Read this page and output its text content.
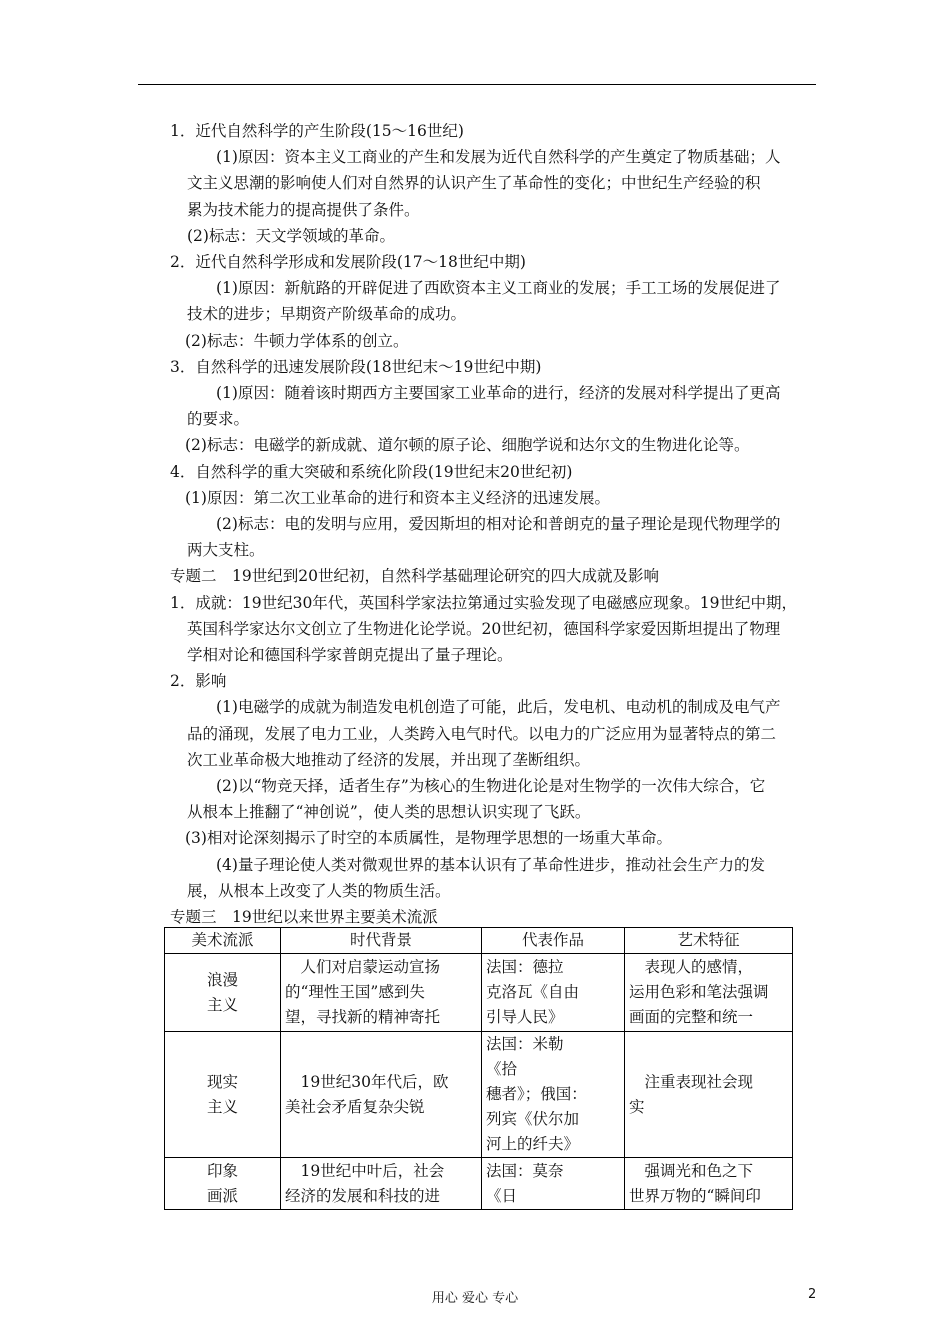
1．近代自然科学的产生阶段(15～16世纪)
(1)原因：资本主义工商业的产生和发展为近代自然科学的产生奠定了物质基础；人
文主义思潮的影响使人们对自然界的认识产生了革命性的变化；中世纪生产经验的积
累为技术能力的提高提供了条件。
(2)标志：天文学领域的革命。
2．近代自然科学形成和发展阶段(17～18世纪中期)
(1)原因：新航路的开辟促进了西欧资本主义工商业的发展；手工工场的发展促进了
技术的进步；早期资产阶级革命的成功。
(2)标志：牛顿力学体系的创立。
3．自然科学的迅速发展阶段(18世纪末～19世纪中期)
(1)原因：随着该时期西方主要国家工业革命的进行，经济的发展对科学提出了更高
的要求。
(2)标志：电磁学的新成就、道尔顿的原子论、细胞学说和达尔文的生物进化论等。
4．自然科学的重大突破和系统化阶段(19世纪末20世纪初)
(1)原因：第二次工业革命的进行和资本主义经济的迅速发展。
(2)标志：电的发明与应用，爱因斯坦的相对论和普朗克的量子理论是现代物理学的
两大支柱。
专题二　19世纪到20世纪初，自然科学基础理论研究的四大成就及影响
1．成就：19世纪30年代，英国科学家法拉第通过实验发现了电磁感应现象。19世纪中期，
英国科学家达尔文创立了生物进化论学说。20世纪初，德国科学家爱因斯坦提出了物理
学相对论和德国科学家普朗克提出了量子理论。
2．影响
(1)电磁学的成就为制造发电机创造了可能，此后，发电机、电动机的制成及电气产
品的涌现，发展了电力工业，人类跨入电气时代。以电力的广泛应用为显著特点的第二
次工业革命极大地推动了经济的发展，并出现了垄断组织。
(2)以“物竞天择，适者生存”为核心的生物进化论是对生物学的一次伟大综合，它
从根本上推翻了“神创说”，使人类的思想认识实现了飞跃。
(3)相对论深刻揭示了时空的本质属性，是物理学思想的一场重大革命。
(4)量子理论使人类对微观世界的基本认识有了革命性进步，推动社会生产力的发
展，从根本上改变了人类的物质生活。
专题三　19世纪以来世界主要美术流派
美术流派	时代背景	代表作品	艺术特征

浪漫
主义	　人们对启蒙运动宣扬
的“理性王国”感到失
望，寻找新的精神寄托	法国：德拉
克洛瓦《自由
引导人民》	　表现人的感情，
运用色彩和笔法强调
画面的完整和统一

现实
主义	　19世纪30年代后，欧
美社会矛盾复杂尖锐	法国：米勒
《拾
穗者》；俄国：
列宾《伏尔加
河上的纤夫》	　注重表现社会现
实

印象
画派	　19世纪中叶后，社会
经济的发展和科技的进	法国：莫奈
《日	　强调光和色之下
世界万物的“瞬间印
用心 爱心 专心	2
